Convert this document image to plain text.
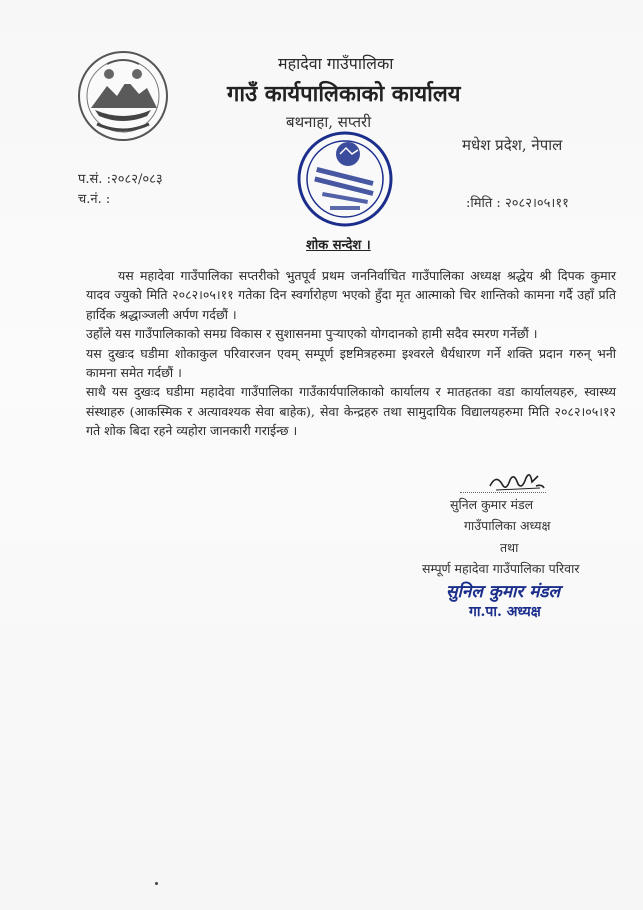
महादेवा गाउँपालिका
गाउँ कार्यपालिकाको कार्यालय
बथनाहा, सप्तरी
मधेश प्रदेश, नेपाल
प.सं. :२०८२/०८३
च.नं. :	:मिति : २०८२।०५।११
शोक सन्देश ।

यस महादेवा गाउँपालिका सप्तरीको भुतपूर्व प्रथम जननिर्वाचित गाउँपालिका अध्यक्ष श्रद्धेय श्री दिपक कुमार यादव ज्युको मिति २०८२।०५।११ गतेका दिन स्वर्गारोहण भएको हुँदा मृत आत्माको चिर शान्तिको कामना गर्दै उहाँ प्रति हार्दिक श्रद्धाञ्जली अर्पण गर्दछौं ।

उहाँले यस गाउँपालिकाको समग्र विकास र सुशासनमा पुऱ्याएको योगदानको हामी सदैव स्मरण गर्नेछौं ।

यस दुखःद घडीमा शोकाकुल परिवारजन एवम् सम्पूर्ण इष्टमित्रहरुमा इश्वरले धैर्यधारण गर्ने शक्ति प्रदान गरुन् भनी कामना समेत गर्दछौं ।

साथै यस दुखःद घडीमा महादेवा गाउँपालिका गाउँकार्यपालिकाको कार्यालय र मातहतका वडा कार्यालयहरु, स्वास्थ्य संस्थाहरु (आकस्मिक र अत्यावश्यक सेवा बाहेक), सेवा केन्द्रहरु तथा सामुदायिक विद्यालयहरुमा मिति २०८२।०५।१२ गते शोक बिदा रहने व्यहोरा जानकारी गराईन्छ ।

सुनिल कुमार मंडल
गाउँपालिका अध्यक्ष
तथा
सम्पूर्ण महादेवा गाउँपालिका परिवार
सुनिल कुमार मंडल
गा.पा. अध्यक्ष
